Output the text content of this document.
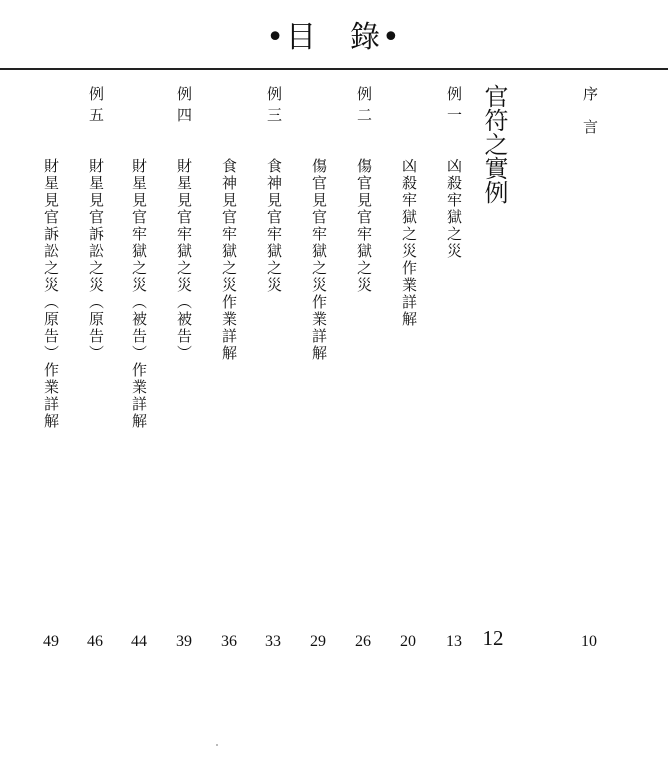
•目　錄•
序言
10
官符之實例
12
例一
凶殺牢獄之災
13
凶殺牢獄之災作業詳解
20
例二
傷官見官牢獄之災
26
傷官見官牢獄之災作業詳解
29
例三
食神見官牢獄之災
33
食神見官牢獄之災作業詳解
36
例四
財星見官牢獄之災（被告）
39
財星見官牢獄之災（被告）作業詳解
44
例五
財星見官訴訟之災（原告）
46
財星見官訴訟之災（原告）作業詳解
49
